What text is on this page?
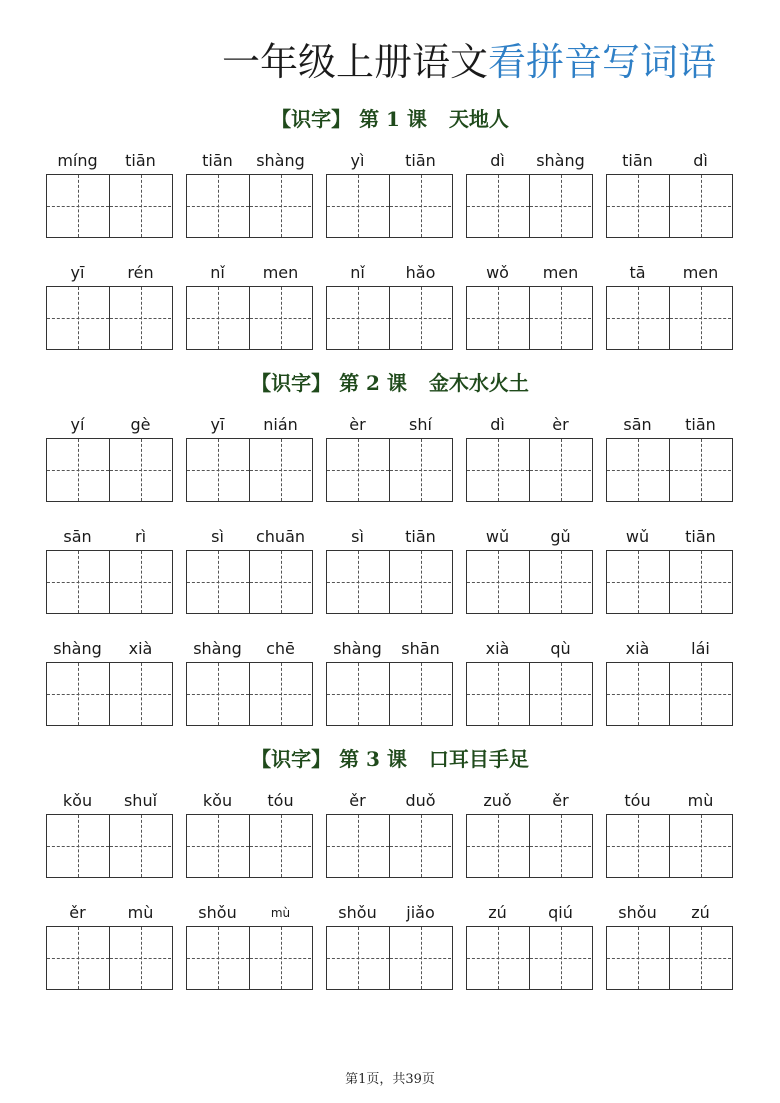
一年级上册语文看拼音写词语
【识字】 第 1 课 天地人
míng	tiān	tiān	shàng	yì	tiān	dì	shàng	tiān	dì
yī	rén	nǐ	men	nǐ	hǎo	wǒ	men	tā	men
【识字】 第 2 课 金木水火土
yí	gè	yī	nián	èr	shí	dì	èr	sān	tiān
sān	rì	sì	chuān	sì	tiān	wǔ	gǔ	wǔ	tiān
shàng	xià	shàng	chē	shàng	shān	xià	qù	xià	lái
【识字】 第 3 课 口耳目手足
kǒu	shuǐ	kǒu	tóu	ěr	duǒ	zuǒ	ěr	tóu	mù
ěr	mù	shǒu	mù	shǒu	jiǎo	zú	qiú	shǒu	zú
第1页，共39页
